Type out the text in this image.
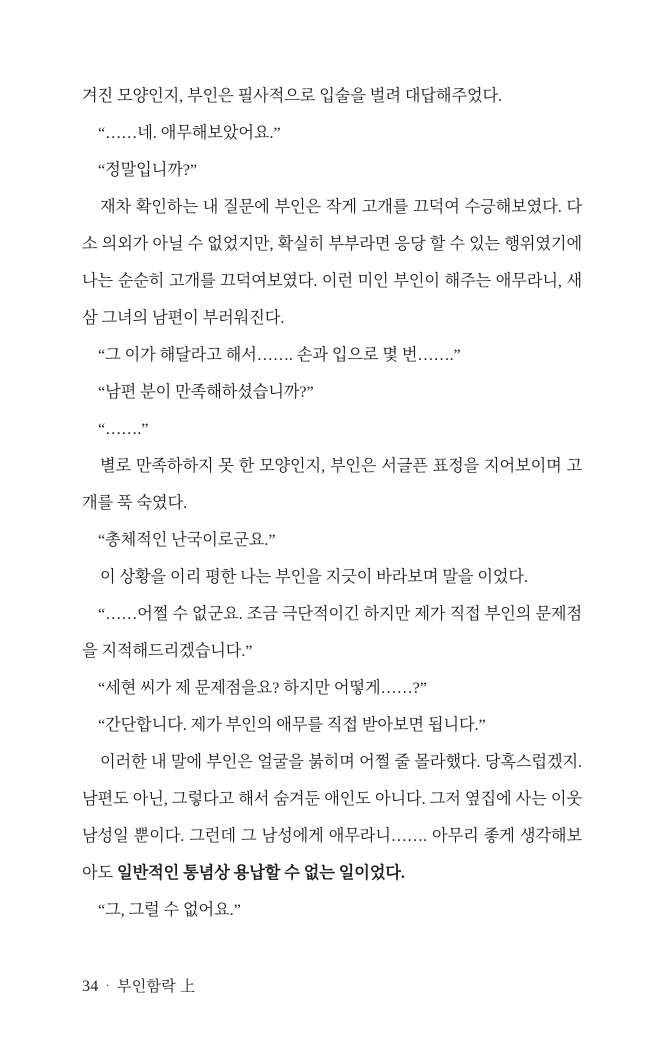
겨진 모양인지, 부인은 필사적으로 입술을 벌려 대답해주었다.

“……네. 애무해보았어요.”

“정말입니까?”

재차 확인하는 내 질문에 부인은 작게 고개를 끄덕여 수긍해보였다. 다소 의외가 아닐 수 없었지만, 확실히 부부라면 응당 할 수 있는 행위였기에 나는 순순히 고개를 끄덕여보였다. 이런 미인 부인이 해주는 애무라니, 새삼 그녀의 남편이 부러워진다.

“그 이가 해달라고 해서……. 손과 입으로 몇 번…….”

“남편 분이 만족해하셨습니까?”

“…….”

별로 만족하하지 못 한 모양인지, 부인은 서글픈 표정을 지어보이며 고개를 푹 숙였다.

“총체적인 난국이로군요.”

이 상황을 이리 평한 나는 부인을 지긋이 바라보며 말을 이었다.

“……어쩔 수 없군요. 조금 극단적이긴 하지만 제가 직접 부인의 문제점을 지적해드리겠습니다.”

“세현 씨가 제 문제점을요? 하지만 어떻게……?”

“간단합니다. 제가 부인의 애무를 직접 받아보면 됩니다.”

이러한 내 말에 부인은 얼굴을 붉히며 어쩔 줄 몰라했다. 당혹스럽겠지. 남편도 아닌, 그렇다고 해서 숨겨둔 애인도 아니다. 그저 옆집에 사는 이웃 남성일 뿐이다. 그런데 그 남성에게 애무라니……. 아무리 좋게 생각해보아도 일반적인 통념상 용납할 수 없는 일이었다.

“그, 그럴 수 없어요.”

34 · 부인함락 上
